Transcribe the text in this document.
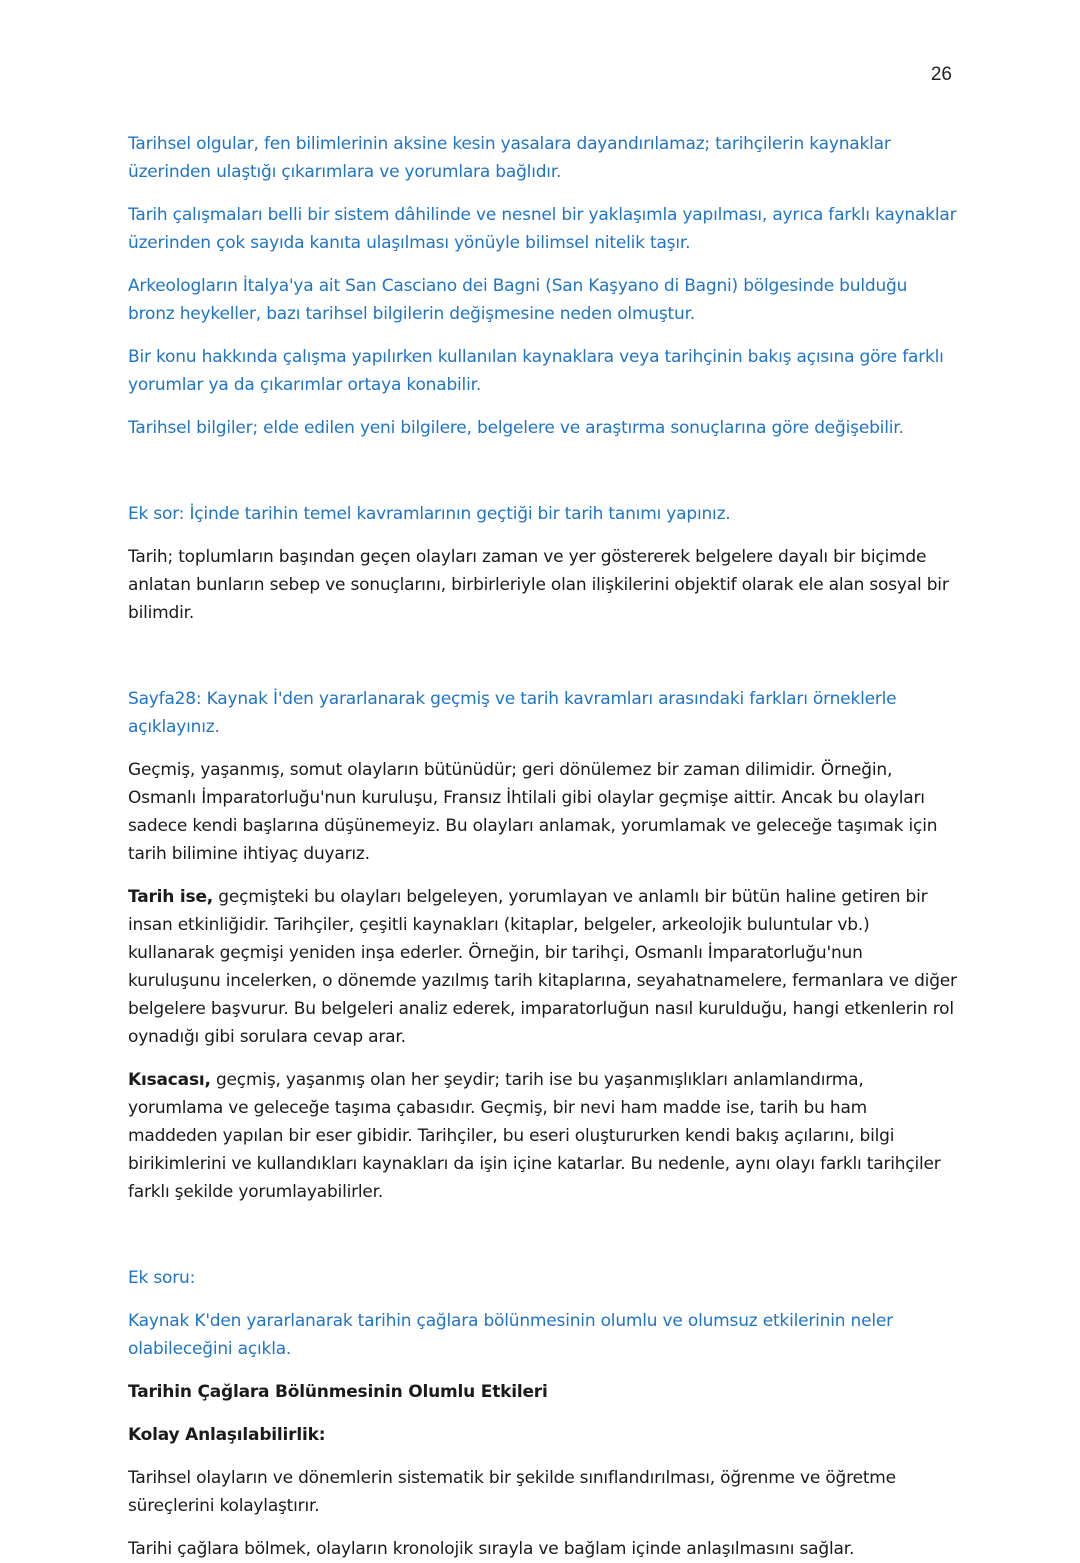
26

Tarihsel olgular, fen bilimlerinin aksine kesin yasalara dayandırılamaz; tarihçilerin kaynaklar üzerinden ulaştığı çıkarımlara ve yorumlara bağlıdır.

Tarih çalışmaları belli bir sistem dâhilinde ve nesnel bir yaklaşımla yapılması, ayrıca farklı kaynaklar üzerinden çok sayıda kanıta ulaşılması yönüyle bilimsel nitelik taşır.

Arkeologların İtalya'ya ait San Casciano dei Bagni (San Kaşyano di Bagni) bölgesinde bulduğu bronz heykeller, bazı tarihsel bilgilerin değişmesine neden olmuştur.

Bir konu hakkında çalışma yapılırken kullanılan kaynaklara veya tarihçinin bakış açısına göre farklı yorumlar ya da çıkarımlar ortaya konabilir.

Tarihsel bilgiler; elde edilen yeni bilgilere, belgelere ve araştırma sonuçlarına göre değişebilir.

Ek sor: İçinde tarihin temel kavramlarının geçtiği bir tarih tanımı yapınız.

Tarih; toplumların başından geçen olayları zaman ve yer göstererek belgelere dayalı bir biçimde anlatan bunların sebep ve sonuçlarını, birbirleriyle olan ilişkilerini objektif olarak ele alan sosyal bir bilimdir.

Sayfa28: Kaynak İ'den yararlanarak geçmiş ve tarih kavramları arasındaki farkları örneklerle açıklayınız.

Geçmiş, yaşanmış, somut olayların bütünüdür; geri dönülemez bir zaman dilimidir. Örneğin, Osmanlı İmparatorluğu'nun kuruluşu, Fransız İhtilali gibi olaylar geçmişe aittir. Ancak bu olayları sadece kendi başlarına düşünemeyiz. Bu olayları anlamak, yorumlamak ve geleceğe taşımak için tarih bilimine ihtiyaç duyarız.

Tarih ise, geçmişteki bu olayları belgeleyen, yorumlayan ve anlamlı bir bütün haline getiren bir insan etkinliğidir. Tarihçiler, çeşitli kaynakları (kitaplar, belgeler, arkeolojik buluntular vb.) kullanarak geçmişi yeniden inşa ederler. Örneğin, bir tarihçi, Osmanlı İmparatorluğu'nun kuruluşunu incelerken, o dönemde yazılmış tarih kitaplarına, seyahatnamelere, fermanlara ve diğer belgelere başvurur. Bu belgeleri analiz ederek, imparatorluğun nasıl kurulduğu, hangi etkenlerin rol oynadığı gibi sorulara cevap arar.

Kısacası, geçmiş, yaşanmış olan her şeydir; tarih ise bu yaşanmışlıkları anlamlandırma, yorumlama ve geleceğe taşıma çabasıdır. Geçmiş, bir nevi ham madde ise, tarih bu ham maddeden yapılan bir eser gibidir. Tarihçiler, bu eseri oluştururken kendi bakış açılarını, bilgi birikimlerini ve kullandıkları kaynakları da işin içine katarlar. Bu nedenle, aynı olayı farklı tarihçiler farklı şekilde yorumlayabilirler.

Ek soru:

Kaynak K'den yararlanarak tarihin çağlara bölünmesinin olumlu ve olumsuz etkilerinin neler olabileceğini açıkla.

Tarihin Çağlara Bölünmesinin Olumlu Etkileri

Kolay Anlaşılabilirlik:

Tarihsel olayların ve dönemlerin sistematik bir şekilde sınıflandırılması, öğrenme ve öğretme süreçlerini kolaylaştırır.

Tarihi çağlara bölmek, olayların kronolojik sırayla ve bağlam içinde anlaşılmasını sağlar.
